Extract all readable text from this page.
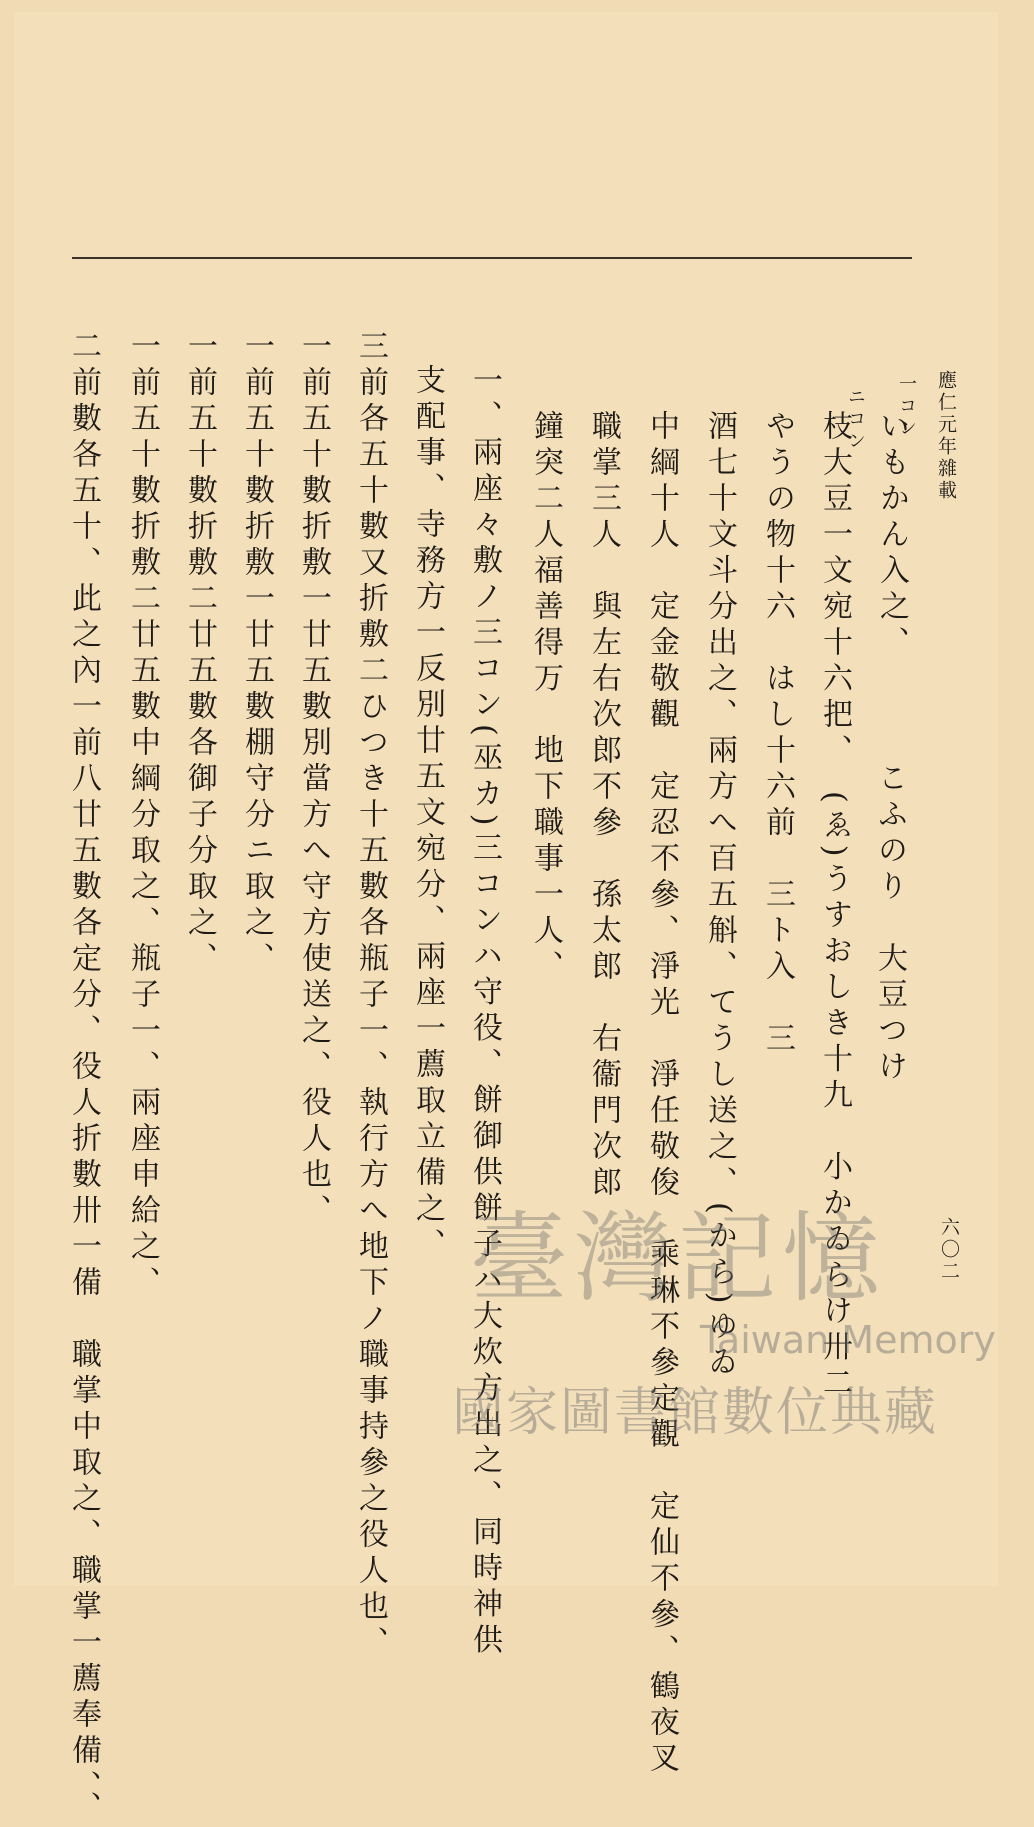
應仁元年雜載
六〇二
一コン
いもかん入之、
ニコン
枝大豆一文宛十六把、　(ゑ)うすおしき十九　小かゐらけ卅二 こふのり　大豆つけ
やうの物十六　はし十六前　三ト入　三
酒七十文斗分出之、兩方へ百五斛、てうし送之、(から)ゆゐ
中綱十人　定金敬觀　定忍不參、淨光　淨任敬俊　乘琳不參定觀　定仙不參、鶴夜叉
職掌三人　與左右次郎不參　孫太郎　右衞門次郎
鐘突二人福善得万　地下職事一人、
一、兩座々敷ノ三コン(巫カ)三コンハ守役、餅御供餅子ハ大炊方出之、同時神供
支配事、寺務方一反別廿五文宛分、兩座一薦取立備之、
三前各五十數又折敷二ひつき十五數各瓶子一、執行方へ地下ノ職事持參之役人也、
一前五十數折敷一廿五數別當方へ守方使送之、役人也、
一前五十數折敷一廿五數棚守分ニ取之、
一前五十數折敷二廿五數各御子分取之、
一前五十數折敷二廿五數中綱分取之、瓶子一、兩座申給之、
二前數各五十、此之內一前八廿五數各定分、役人折數卅一備　職掌中取之、職掌一薦奉備、、	臺灣記憶
Taiwan Memory
國家圖書館數位典藏
